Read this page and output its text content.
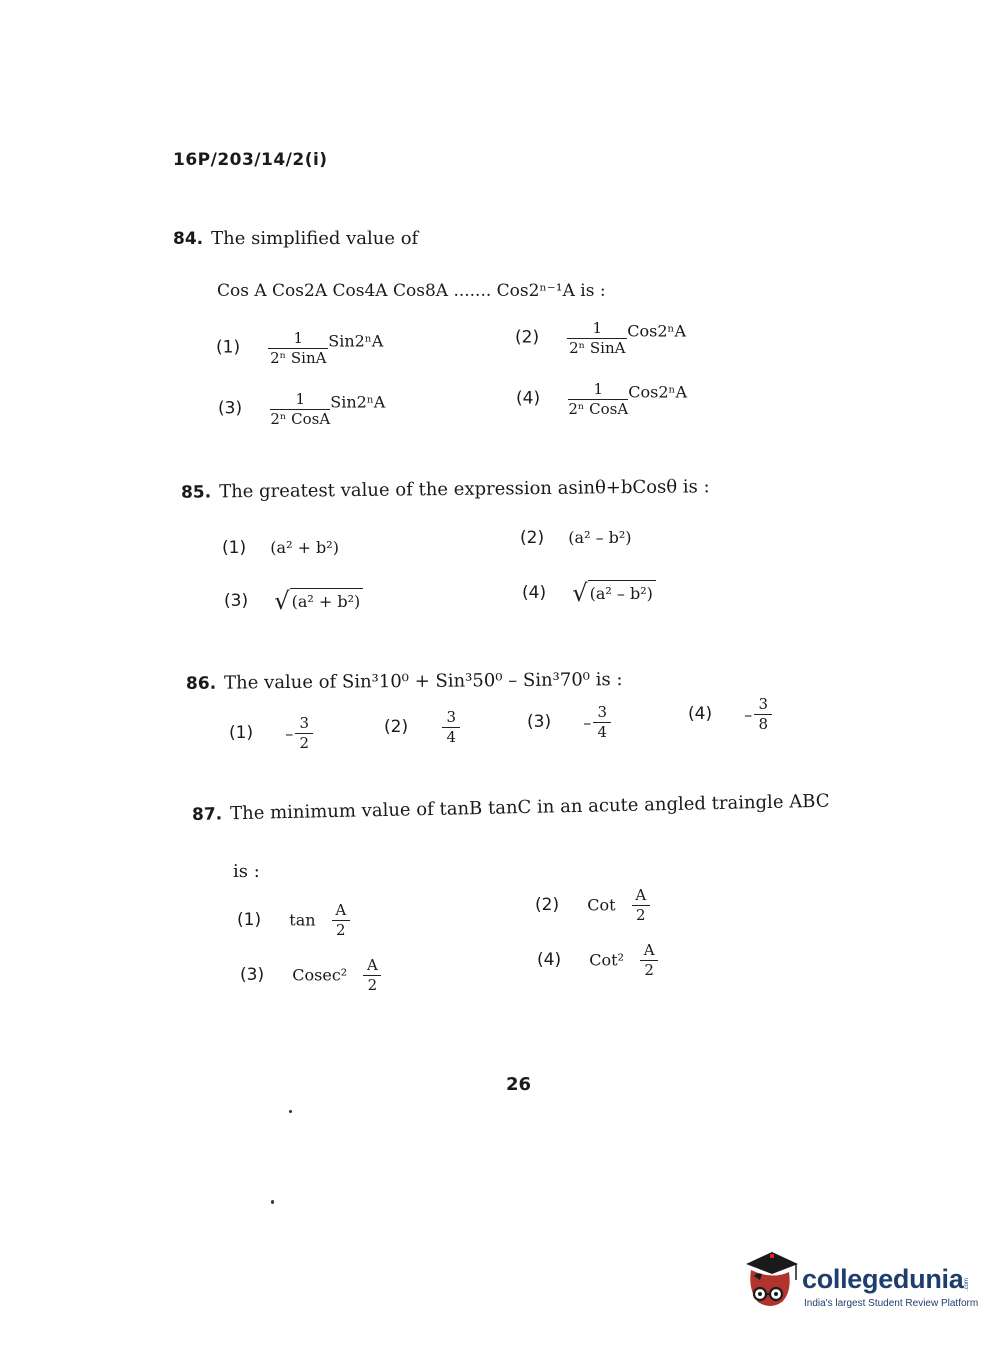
16P/203/14/2(i)
84. The simplified value of
Cos A Cos2A Cos4A Cos8A ....... Cos2ⁿ⁻¹A is :
$(1) \frac{1}{\text{2ⁿ SinA}} Sin2^nA$	$(2) \frac{1}{\text{2ⁿ SinA}} Cos2^nA$
$(3) \frac{1}{\text{2ⁿ CosA}} Sin2^nA$	$(4) \frac{1}{\text{2ⁿ CosA}} Cos2^nA$
85. The greatest value of the expression asinθ+bCosθ is :
(1) (a² + b²)	(2) (a² – b²)
(3) √ (a² + b²)	(4) √ (a² – b²)
86. The value of Sin³10⁰ + Sin³50⁰ – Sin³70⁰ is :
$(1) - \frac{3}{2}$	$(2) \frac{3}{4}$	$(3) - \frac{3}{4}$	$(4) - \frac{3}{8}$
87. The minimum value of tanB tanC in an acute angled traingle ABC
is :
(1) $\tan \frac{A}{2}$	(2) Cot $\frac{A}{2}$
(3) $Cosec^2 \frac{A}{2}$	(4) $Cot^2 \frac{A}{2}$
26
collegedunia .com
India's largest Student Review Platform
